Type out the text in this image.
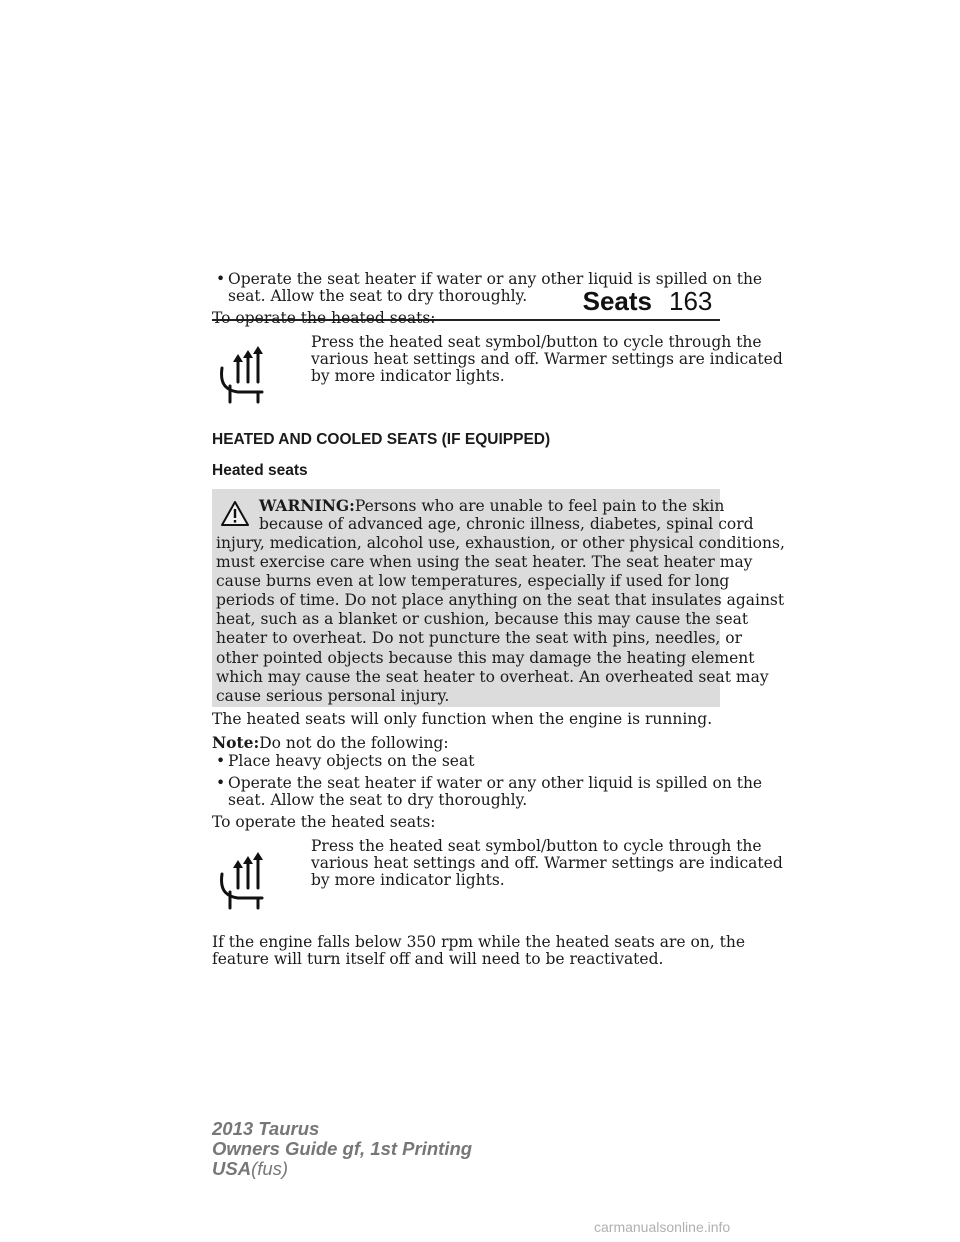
Seats 163
• Operate the seat heater if water or any other liquid is spilled on the
seat. Allow the seat to dry thoroughly.
To operate the heated seats:
Press the heated seat symbol/button to cycle through the
various heat settings and off. Warmer settings are indicated
by more indicator lights.
HEATED AND COOLED SEATS (IF EQUIPPED)
Heated seats
WARNING:Persons who are unable to feel pain to the skin
because of advanced age, chronic illness, diabetes, spinal cord
injury, medication, alcohol use, exhaustion, or other physical conditions,
must exercise care when using the seat heater. The seat heater may
cause burns even at low temperatures, especially if used for long
periods of time. Do not place anything on the seat that insulates against
heat, such as a blanket or cushion, because this may cause the seat
heater to overheat. Do not puncture the seat with pins, needles, or
other pointed objects because this may damage the heating element
which may cause the seat heater to overheat. An overheated seat may
cause serious personal injury.
The heated seats will only function when the engine is running.
Note:Do not do the following:
• Place heavy objects on the seat
• Operate the seat heater if water or any other liquid is spilled on the
seat. Allow the seat to dry thoroughly.
To operate the heated seats:
Press the heated seat symbol/button to cycle through the
various heat settings and off. Warmer settings are indicated
by more indicator lights.
If the engine falls below 350 rpm while the heated seats are on, the
feature will turn itself off and will need to be reactivated.
2013 Taurus
Owners Guide gf, 1st Printing
USA(fus)
carmanualsonline.info
